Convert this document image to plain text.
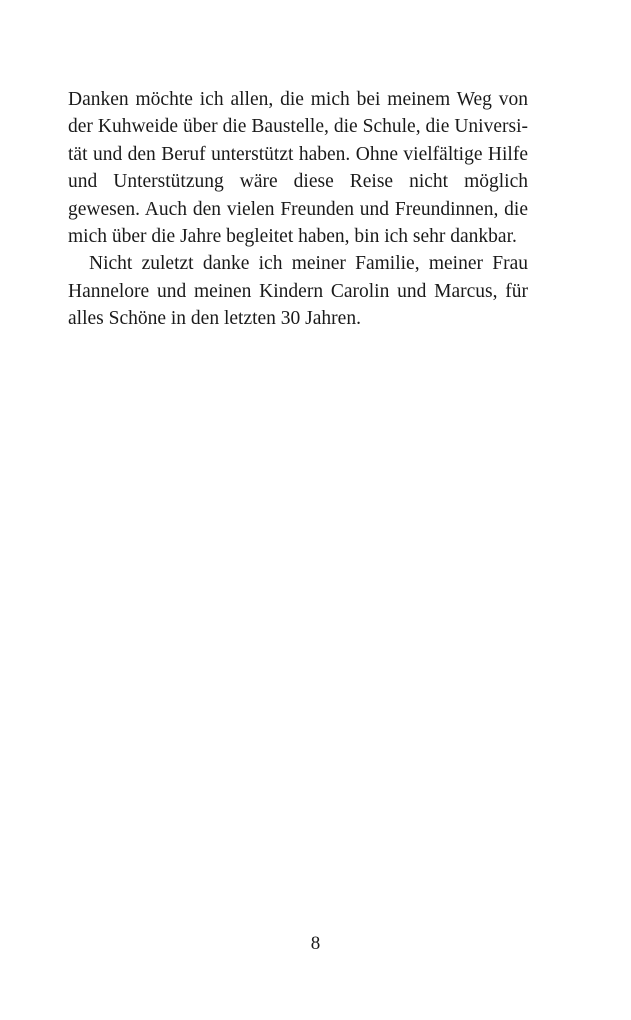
Danken möchte ich allen, die mich bei meinem Weg von
der Kuhweide über die Baustelle, die Schule, die Universi-
tät und den Beruf unterstützt haben. Ohne vielfältige Hilfe
und Unterstützung wäre diese Reise nicht möglich
gewesen. Auch den vielen Freunden und Freundinnen, die
mich über die Jahre begleitet haben, bin ich sehr dankbar.
Nicht zuletzt danke ich meiner Familie, meiner Frau
Hannelore und meinen Kindern Carolin und Marcus, für
alles Schöne in den letzten 30 Jahren.
8
